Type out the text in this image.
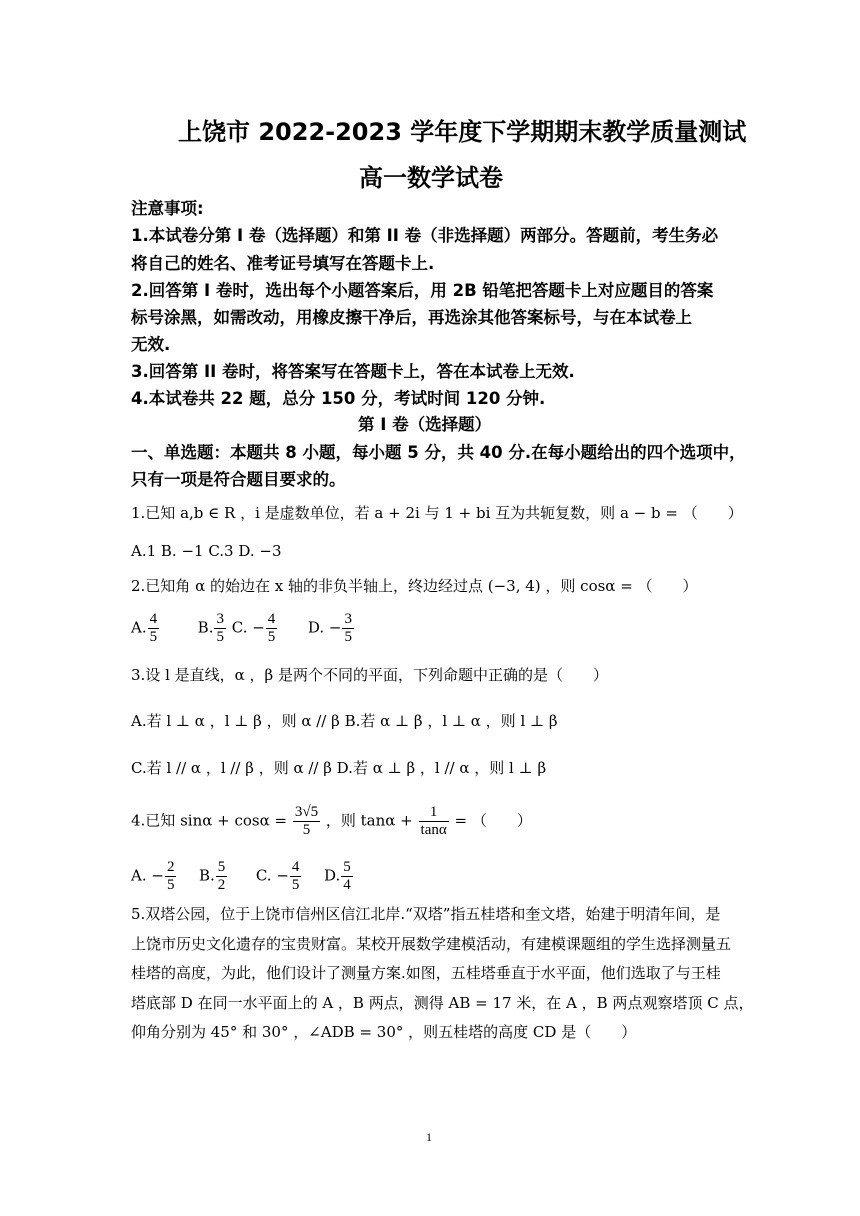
上饶市 2022-2023 学年度下学期期末教学质量测试
高一数学试卷
注意事项:
1.本试卷分第 I 卷（选择题）和第 II 卷（非选择题）两部分。答题前，考生务必
将自己的姓名、准考证号填写在答题卡上.
2.回答第 I 卷时，选出每个小题答案后，用 2B 铅笔把答题卡上对应题目的答案
标号涂黑，如需改动，用橡皮擦干净后，再选涂其他答案标号，与在本试卷上
无效.
3.回答第 II 卷时，将答案写在答题卡上，答在本试卷上无效.
4.本试卷共 22 题，总分 150 分，考试时间 120 分钟.
第 I 卷（选择题）
一、单选题：本题共 8 小题，每小题 5 分，共 40 分.在每小题给出的四个选项中，
只有一项是符合题目要求的。
1.已知 a,b ∈ R ，i 是虚数单位，若 a + 2i 与 1 + bi 互为共轭复数，则 a − b = （　　）
A.1 B. −1 C.3 D. −3
2.已知角 α 的始边在 x 轴的非负半轴上，终边经过点 (−3, 4) ，则 cosα = （　　）
A. $\frac{4}{5}$	B. $\frac{3}{5} C$. − $\frac{4}{5} D$. − $\frac{3}{5}$
3.设 l 是直线，α ，β 是两个不同的平面，下列命题中正确的是（　　）
A.若 l ⊥ α ，l ⊥ β ，则 α // β B.若 α ⊥ β ，l ⊥ α ，则 l ⊥ β
C.若 l // α ，l // β ，则 α // β D.若 α ⊥ β ，l // α ，则 l ⊥ β
4.已知 $\sin\alpha + \cos\alpha = \frac{3√5}{5}$ ，则 $\tan\alpha + \frac{1}{\tan\alpha}$ = （　　）
A. − $\frac{2}{5} B$. $\frac{5}{2} C$. − $\frac{4}{5} D$. $\frac{5}{4}$
5.双塔公园，位于上饶市信州区信江北岸.“双塔”指五桂塔和奎文塔，始建于明清年间，是
上饶市历史文化遗存的宝贵财富。某校开展数学建模活动，有建模课题组的学生选择测量五
桂塔的高度，为此，他们设计了测量方案.如图，五桂塔垂直于水平面，他们选取了与王桂
塔底部 D 在同一水平面上的 A ，B 两点，测得 AB = 17 米，在 A ，B 两点观察塔顶 C 点，
仰角分别为 45° 和 30° ，∠ADB = 30° ，则五桂塔的高度 CD 是（　　）
1
